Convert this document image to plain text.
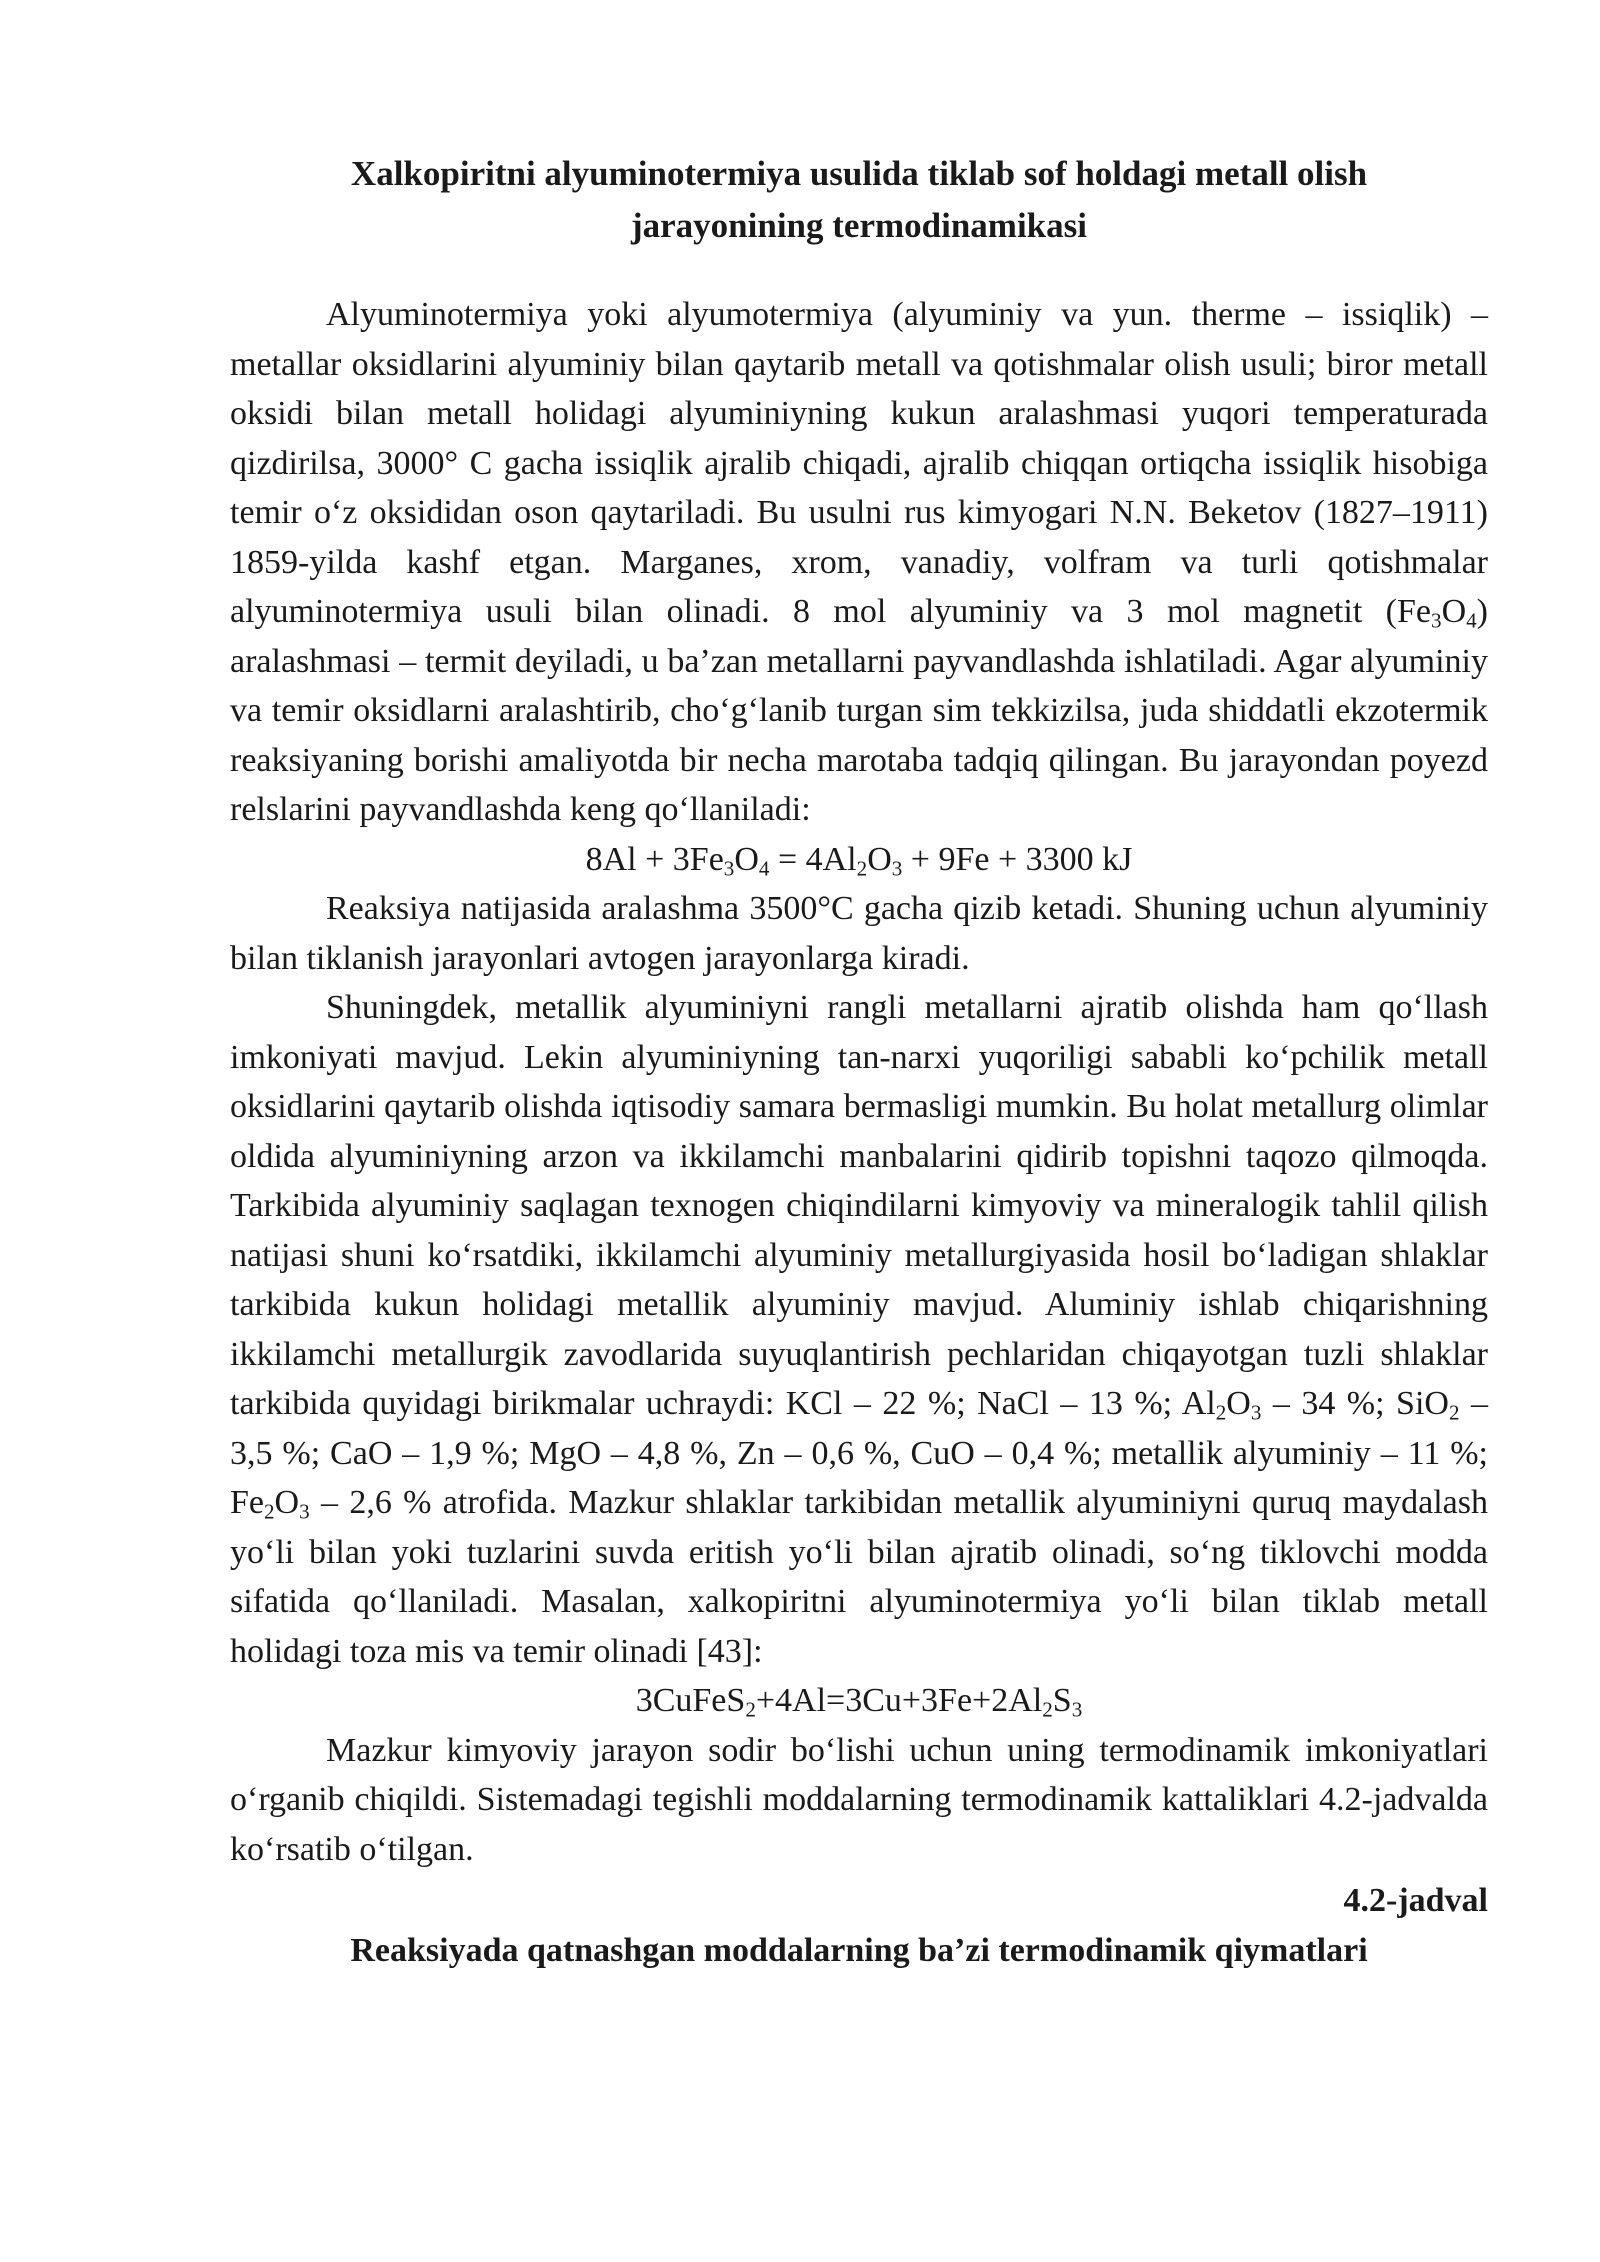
Xalkopiritni alyuminotermiya usulida tiklab sof holdagi metall olish
jarayonining termodinamikasi

Alyuminotermiya yoki alyumotermiya (alyuminiy va yun. therme – issiqlik) – metallar oksidlarini alyuminiy bilan qaytarib metall va qotishmalar olish usuli; biror metall oksidi bilan metall holidagi alyuminiyning kukun aralashmasi yuqori temperaturada qizdirilsa, 3000° C gacha issiqlik ajralib chiqadi, ajralib chiqqan ortiqcha issiqlik hisobiga temir o‘z oksididan oson qaytariladi. Bu usulni rus kimyogari N.N. Beketov (1827–1911) 1859-yilda kashf etgan. Marganes, xrom, vanadiy, volfram va turli qotishmalar alyuminotermiya usuli bilan olinadi. 8 mol alyuminiy va 3 mol magnetit $(Fe_3O_4)$ aralashmasi – termit deyiladi, u ba’zan metallarni payvandlashda ishlatiladi. Agar alyuminiy va temir oksidlarni aralashtirib, cho‘g‘lanib turgan sim tekkizilsa, juda shiddatli ekzotermik reaksiyaning borishi amaliyotda bir necha marotaba tadqiq qilingan. Bu jarayondan poyezd relslarini payvandlashda keng qo‘llaniladi:

$8Al + 3Fe_3O_4 = 4Al_2O_3 + 9Fe + 3300$ kJ

Reaksiya natijasida aralashma 3500°C gacha qizib ketadi. Shuning uchun alyuminiy bilan tiklanish jarayonlari avtogen jarayonlarga kiradi.

Shuningdek, metallik alyuminiyni rangli metallarni ajratib olishda ham qo‘llash imkoniyati mavjud. Lekin alyuminiyning tan-narxi yuqoriligi sababli ko‘pchilik metall oksidlarini qaytarib olishda iqtisodiy samara bermasligi mumkin. Bu holat metallurg olimlar oldida alyuminiyning arzon va ikkilamchi manbalarini qidirib topishni taqozo qilmoqda. Tarkibida alyuminiy saqlagan texnogen chiqindilarni kimyoviy va mineralogik tahlil qilish natijasi shuni ko‘rsatdiki, ikkilamchi alyuminiy metallurgiyasida hosil bo‘ladigan shlaklar tarkibida kukun holidagi metallik alyuminiy mavjud. Aluminiy ishlab chiqarishning ikkilamchi metallurgik zavodlarida suyuqlantirish pechlaridan chiqayotgan tuzli shlaklar tarkibida quyidagi birikmalar uchraydi: KCl – 22 %; NaCl – 13 %; $Al_2O_3 - 34$ %; SiO$_2$ – 3,5 %; CaO – 1,9 %; MgO – 4,8 %, Zn – 0,6 %, CuO – 0,4 %; metallik alyuminiy – 11 %; $Fe_2O_3 - 2,6$ % atrofida. Mazkur shlaklar tarkibidan metallik alyuminiyni quruq maydalash yo‘li bilan yoki tuzlarini suvda eritish yo‘li bilan ajratib olinadi, so‘ng tiklovchi modda sifatida qo‘llaniladi. Masalan, xalkopiritni alyuminotermiya yo‘li bilan tiklab metall holidagi toza mis va temir olinadi [43]:

$3CuFeS_2+4Al=3Cu+3Fe+2Al_2S_3$

Mazkur kimyoviy jarayon sodir bo‘lishi uchun uning termodinamik imkoniyatlari o‘rganib chiqildi. Sistemadagi tegishli moddalarning termodinamik kattaliklari 4.2-jadvalda ko‘rsatib o‘tilgan.

4.2-jadval

Reaksiyada qatnashgan moddalarning ba’zi termodinamik qiymatlari
